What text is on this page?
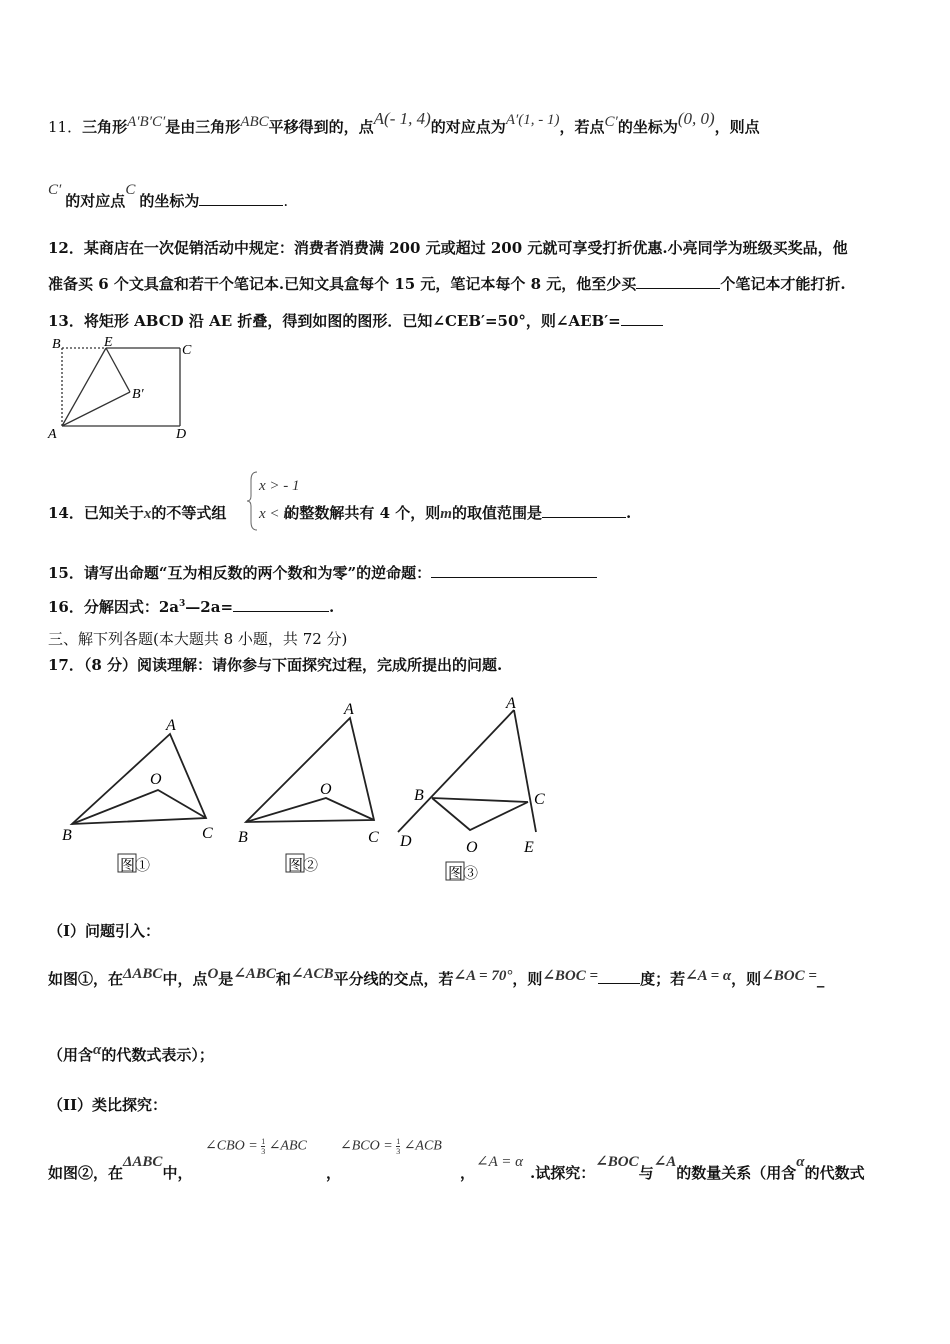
11．三角形A′B′C′是由三角形ABC平移得到的，点A(- 1, 4)的对应点为A′(1, - 1)，若点C′的坐标为(0, 0)，则点
C′的对应点C的坐标为	.
12．某商店在一次促销活动中规定：消费者消费满 200 元或超过 200 元就可享受打折优惠.小亮同学为班级买奖品，他
准备买 6 个文具盒和若干个笔记本.已知文具盒每个 15 元，笔记本每个 8 元，他至少买	个笔记本才能打折.
13．将矩形 ABCD 沿 AE 折叠，得到如图的图形．已知∠CEB′=50°，则∠AEB′=
B	E
C
B′
A	D
14．已知关于x的不等式组	的整数解共有 4 个，则m的取值范围是	.
x > - 1
x < m
15．请写出命题“互为相反数的两个数和为零”的逆命题：
16．分解因式：$2a^3—2a=$	.
三、解下列各题(本大题共 8 小题，共 72 分)
17．（8 分）阅读理解：请你参与下面探究过程，完成所提出的问题.
A
O
B	C
图①
A
O
B	C
图②
A
B	C
D	O	E
图③
（I）问题引入：
如图①，在ΔABC中，点O是∠ABC和∠ACB平分线的交点，若∠A = 70°，则∠BOC =	度；若∠A = α，则∠BOC =_
（用含α的代数式表示）；
（II）类比探究：
如图②，在ΔABC中，
∠CBO = $\frac{1}{3}$ ∠ABC
，
∠BCO = $\frac{1}{3}$ ∠ACB
，
∠A = α
.试探究：∠BOC与∠A的数量关系（用含α的代数式
